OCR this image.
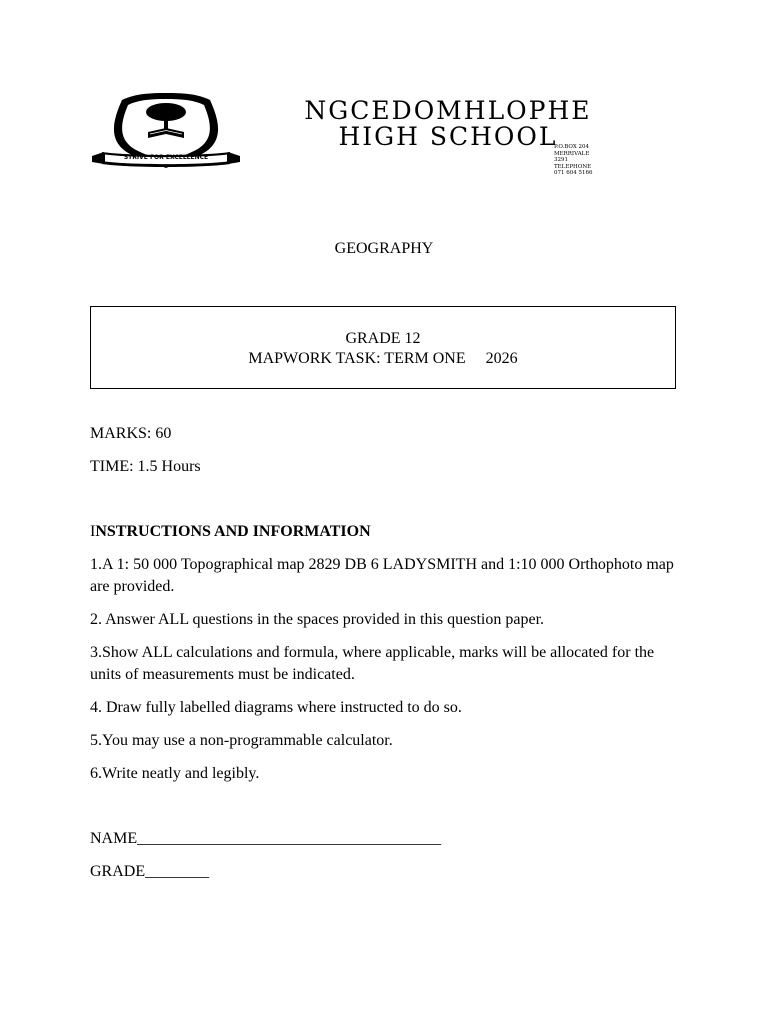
STRIVE FOR EXCELLENCE
NGCEDOMHLOPHE
HIGH SCHOOL
P.O.BOX 204
MERRIVALE
3291
TELEPHONE
071 604 5166
GEOGRAPHY
GRADE 12
MAPWORK TASK: TERM ONE     2026
MARKS: 60
TIME: 1.5 Hours
INSTRUCTIONS AND INFORMATION
1.A 1: 50 000 Topographical map 2829 DB 6 LADYSMITH and 1:10 000 Orthophoto map are provided.
2. Answer ALL questions in the spaces provided in this question paper.
3.Show ALL calculations and formula, where applicable, marks will be allocated for the units of measurements must be indicated.
4. Draw fully labelled diagrams where instructed to do so.
5.You may use a non-programmable calculator.
6.Write neatly and legibly.
NAME______________________________________
GRADE________
